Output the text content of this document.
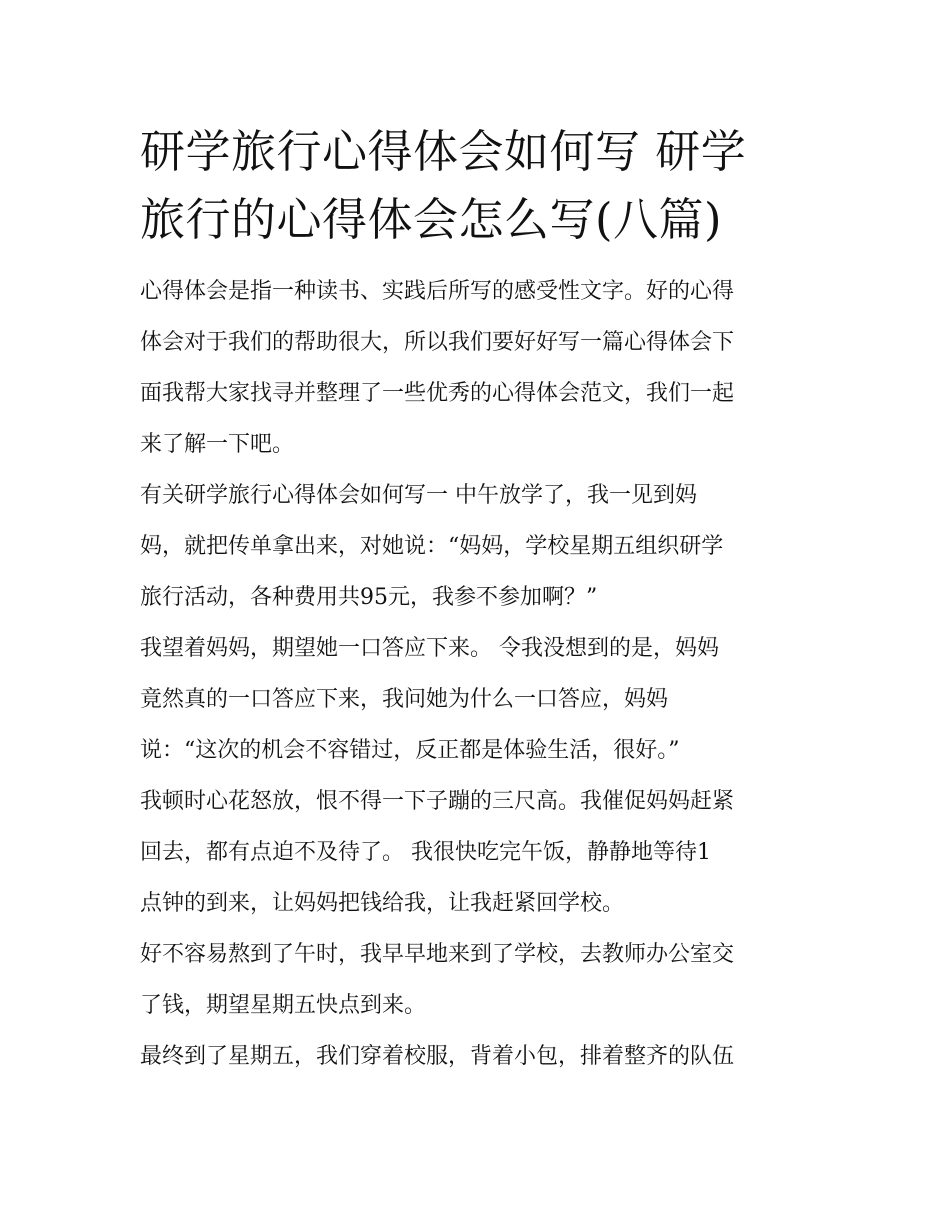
研学旅行心得体会如何写 研学
旅行的心得体会怎么写(八篇)

心得体会是指一种读书、实践后所写的感受性文字。好的心得
体会对于我们的帮助很大，所以我们要好好写一篇心得体会下
面我帮大家找寻并整理了一些优秀的心得体会范文，我们一起
来了解一下吧。

有关研学旅行心得体会如何写一 中午放学了，我一见到妈
妈，就把传单拿出来，对她说：“妈妈，学校星期五组织研学
旅行活动，各种费用共95元，我参不参加啊？”

我望着妈妈，期望她一口答应下来。 令我没想到的是，妈妈
竟然真的一口答应下来，我问她为什么一口答应，妈妈
说：“这次的机会不容错过，反正都是体验生活，很好。”

我顿时心花怒放，恨不得一下子蹦的三尺高。我催促妈妈赶紧
回去，都有点迫不及待了。 我很快吃完午饭，静静地等待1
点钟的到来，让妈妈把钱给我，让我赶紧回学校。

好不容易熬到了午时，我早早地来到了学校，去教师办公室交
了钱，期望星期五快点到来。

最终到了星期五，我们穿着校服，背着小包，排着整齐的队伍
